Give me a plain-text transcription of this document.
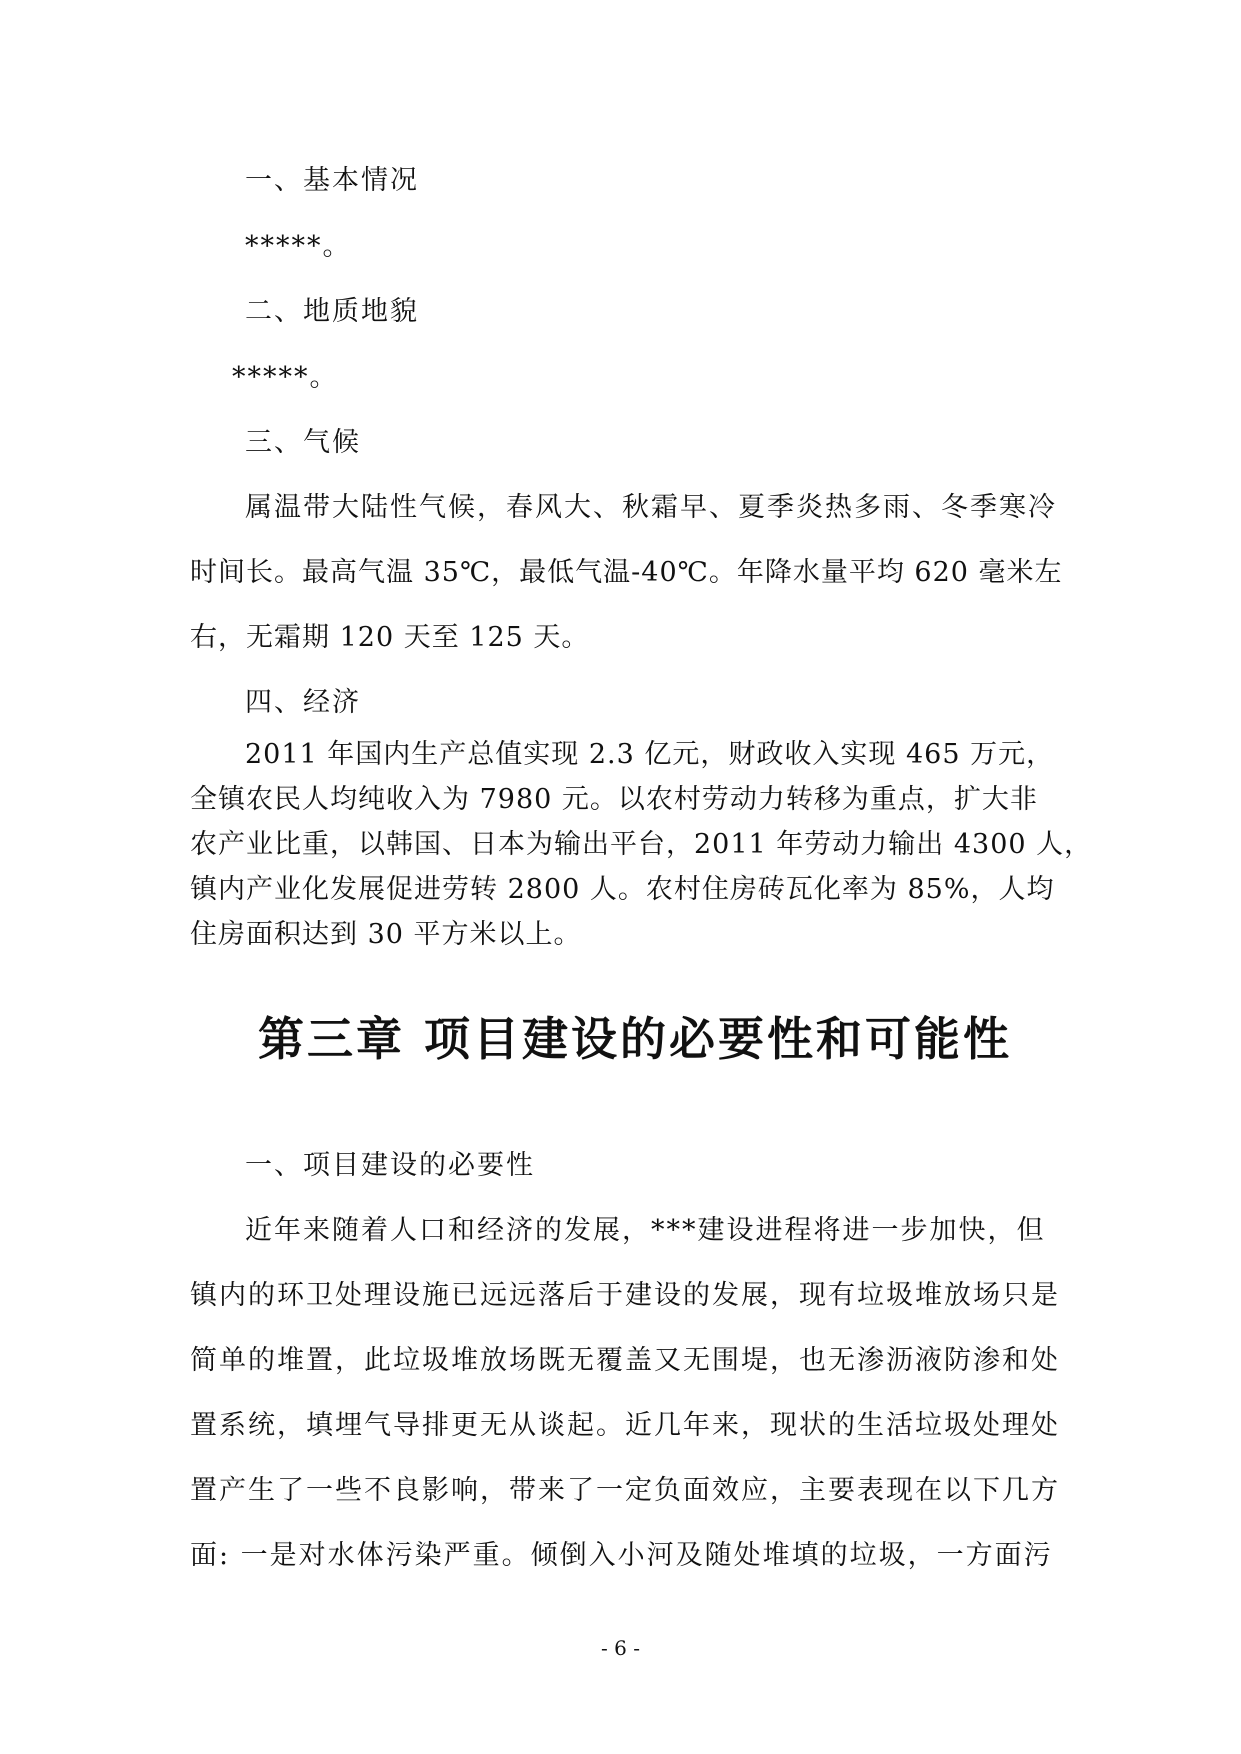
一、基本情况
*****。
二、地质地貌
*****。
三、气候
属温带大陆性气候，春风大、秋霜早、夏季炎热多雨、冬季寒冷
时间长。最高气温 35℃，最低气温-40℃。年降水量平均 620 毫米左
右，无霜期 120 天至 125 天。
四、经济
2011 年国内生产总值实现 2.3 亿元，财政收入实现 465 万元，
全镇农民人均纯收入为 7980 元。以农村劳动力转移为重点，扩大非
农产业比重，以韩国、日本为输出平台，2011 年劳动力输出 4300 人，
镇内产业化发展促进劳转 2800 人。农村住房砖瓦化率为 85%，人均
住房面积达到 30 平方米以上。
第三章 项目建设的必要性和可能性
一、项目建设的必要性
近年来随着人口和经济的发展，***建设进程将进一步加快，但
镇内的环卫处理设施已远远落后于建设的发展，现有垃圾堆放场只是
简单的堆置，此垃圾堆放场既无覆盖又无围堤，也无渗沥液防渗和处
置系统，填埋气导排更无从谈起。近几年来，现状的生活垃圾处理处
置产生了一些不良影响，带来了一定负面效应，主要表现在以下几方
面: 一是对水体污染严重。倾倒入小河及随处堆填的垃圾，一方面污
- 6 -
